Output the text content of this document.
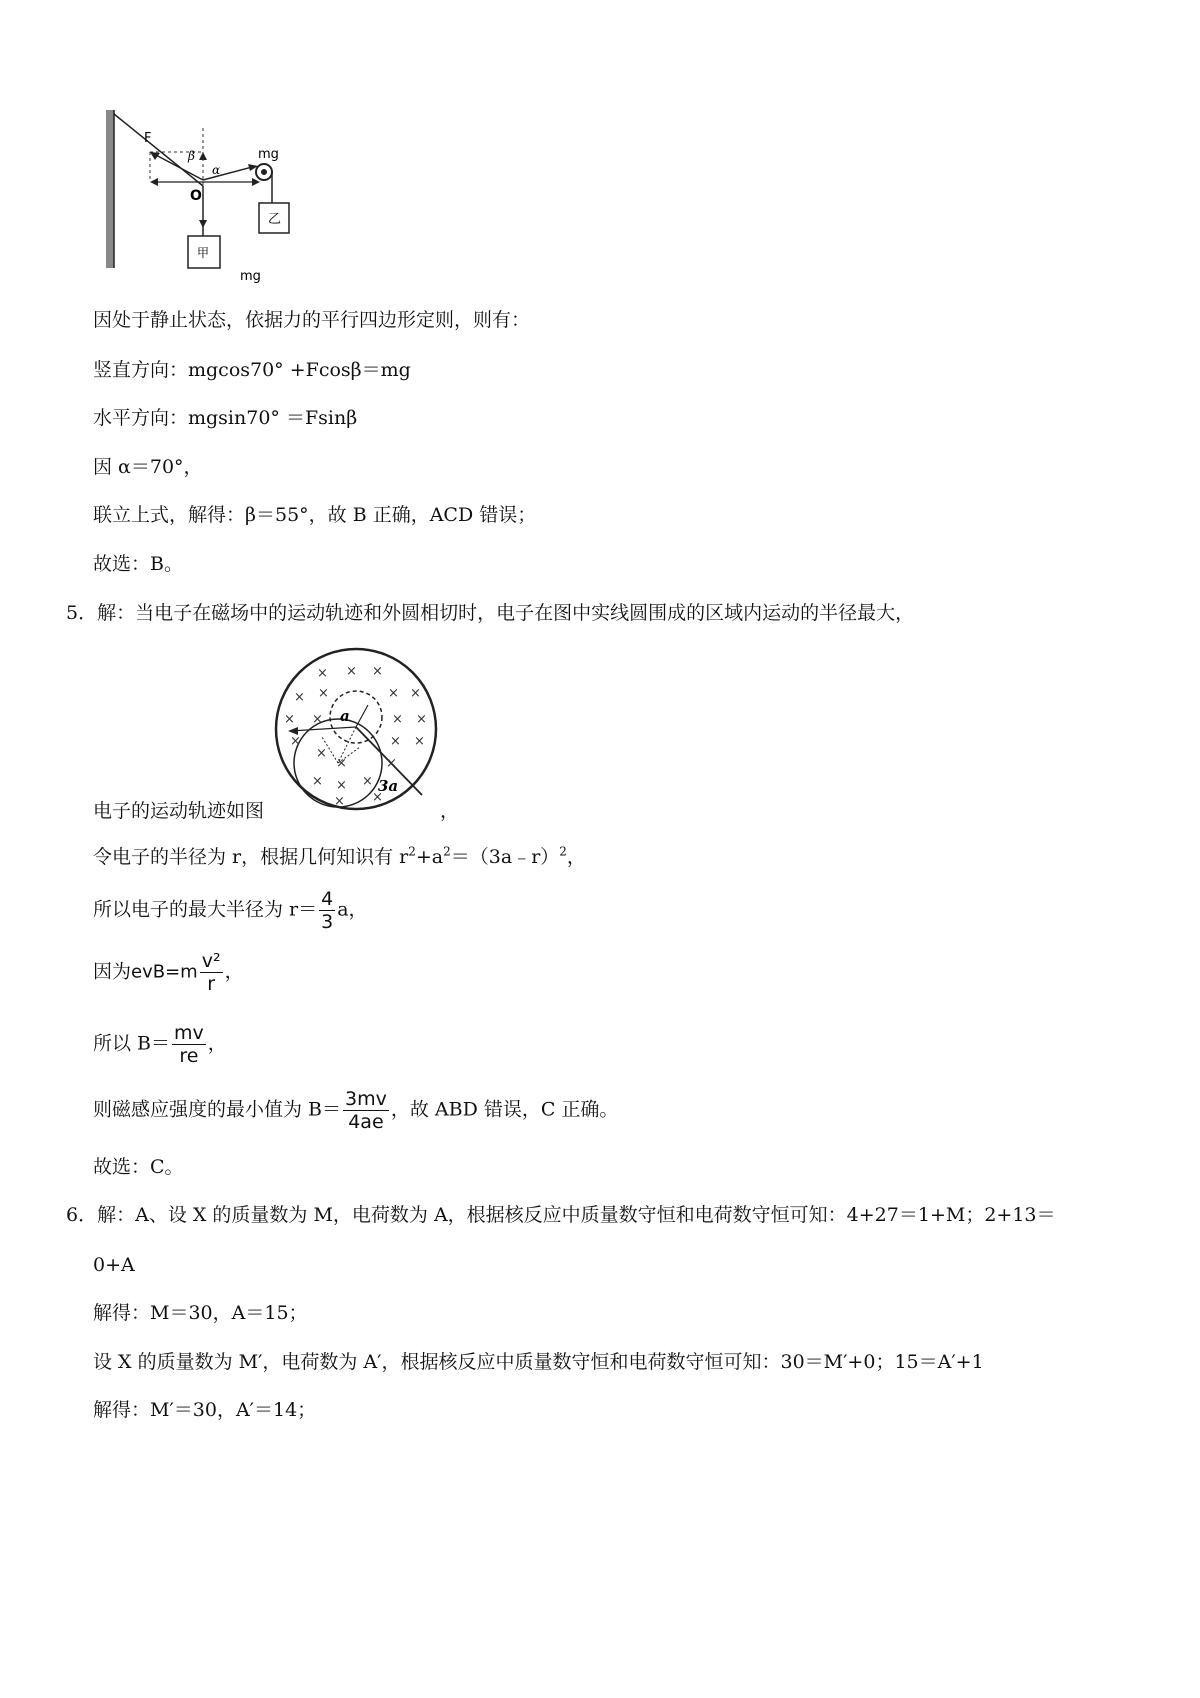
F
β
α
O
mg
甲
乙
mg
因处于静止状态，依据力的平行四边形定则，则有：
竖直方向：mgcos70° +Fcosβ＝mg
水平方向：mgsin70° ＝Fsinβ
因 α＝70°，
联立上式，解得：β＝55°，故 B 正确，ACD 错误；
故选：B。
5．解：当电子在磁场中的运动轨迹和外圆相切时，电子在图中实线圆围成的区域内运动的半径最大，
a
3a
× × ×
× ×	× ×
× ×	× ×
×	× ×
×
×	×
× × ×
× ×
电子的运动轨迹如图	，
令电子的半径为 r，根据几何知识有 $r^2+a^2=(3a﹣r)^2$，
所以电子的最大半径为 $r= \frac{4}{3}$ a，
因为$evB=m \frac{\text{v²}}{r}$ ，
所以 $B= \frac{mv}{re}$ ，
则磁感应强度的最小值为 $B= \frac{3mv}{4ae}$ ，故 ABD 错误，C 正确。
故选：C。
6．解：A、设 X 的质量数为 M，电荷数为 A，根据核反应中质量数守恒和电荷数守恒可知：4+27＝1+M；2+13＝
0+A
解得：M＝30，A＝15；
设 X 的质量数为 M′，电荷数为 A′，根据核反应中质量数守恒和电荷数守恒可知：30＝M′+0；15＝A′+1
解得：M′＝30，A′＝14；
